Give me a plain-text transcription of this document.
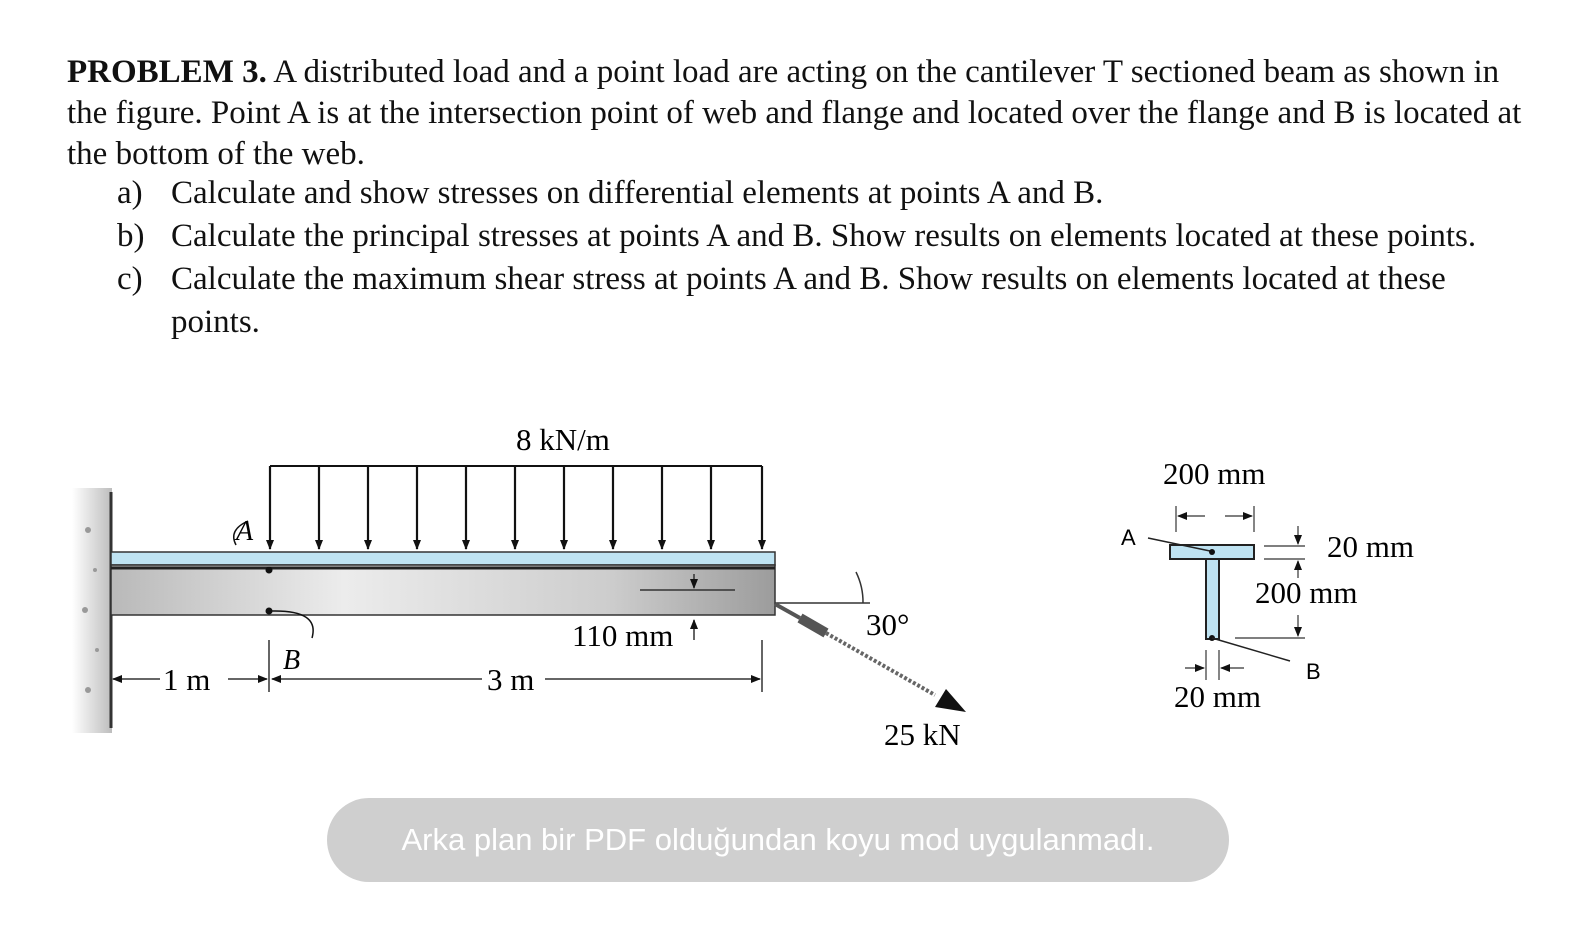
PROBLEM 3. A distributed load and a point load are acting on the cantilever T sectioned beam as shown in the figure. Point A is at the intersection point of web and flange and located over the flange and B is located at the bottom of the web.
a) Calculate and show stresses on differential elements at points A and B.
b) Calculate the principal stresses at points A and B. Show results on elements located at these points.
c) Calculate the maximum shear stress at points A and B. Show results on elements located at these points.
8 kN/m
A
B
110 mm
1 m	3 m
30°
25 kN
200 mm
20 mm
200 mm
20 mm
A
B
Arka plan bir PDF olduğundan koyu mod uygulanmadı.
